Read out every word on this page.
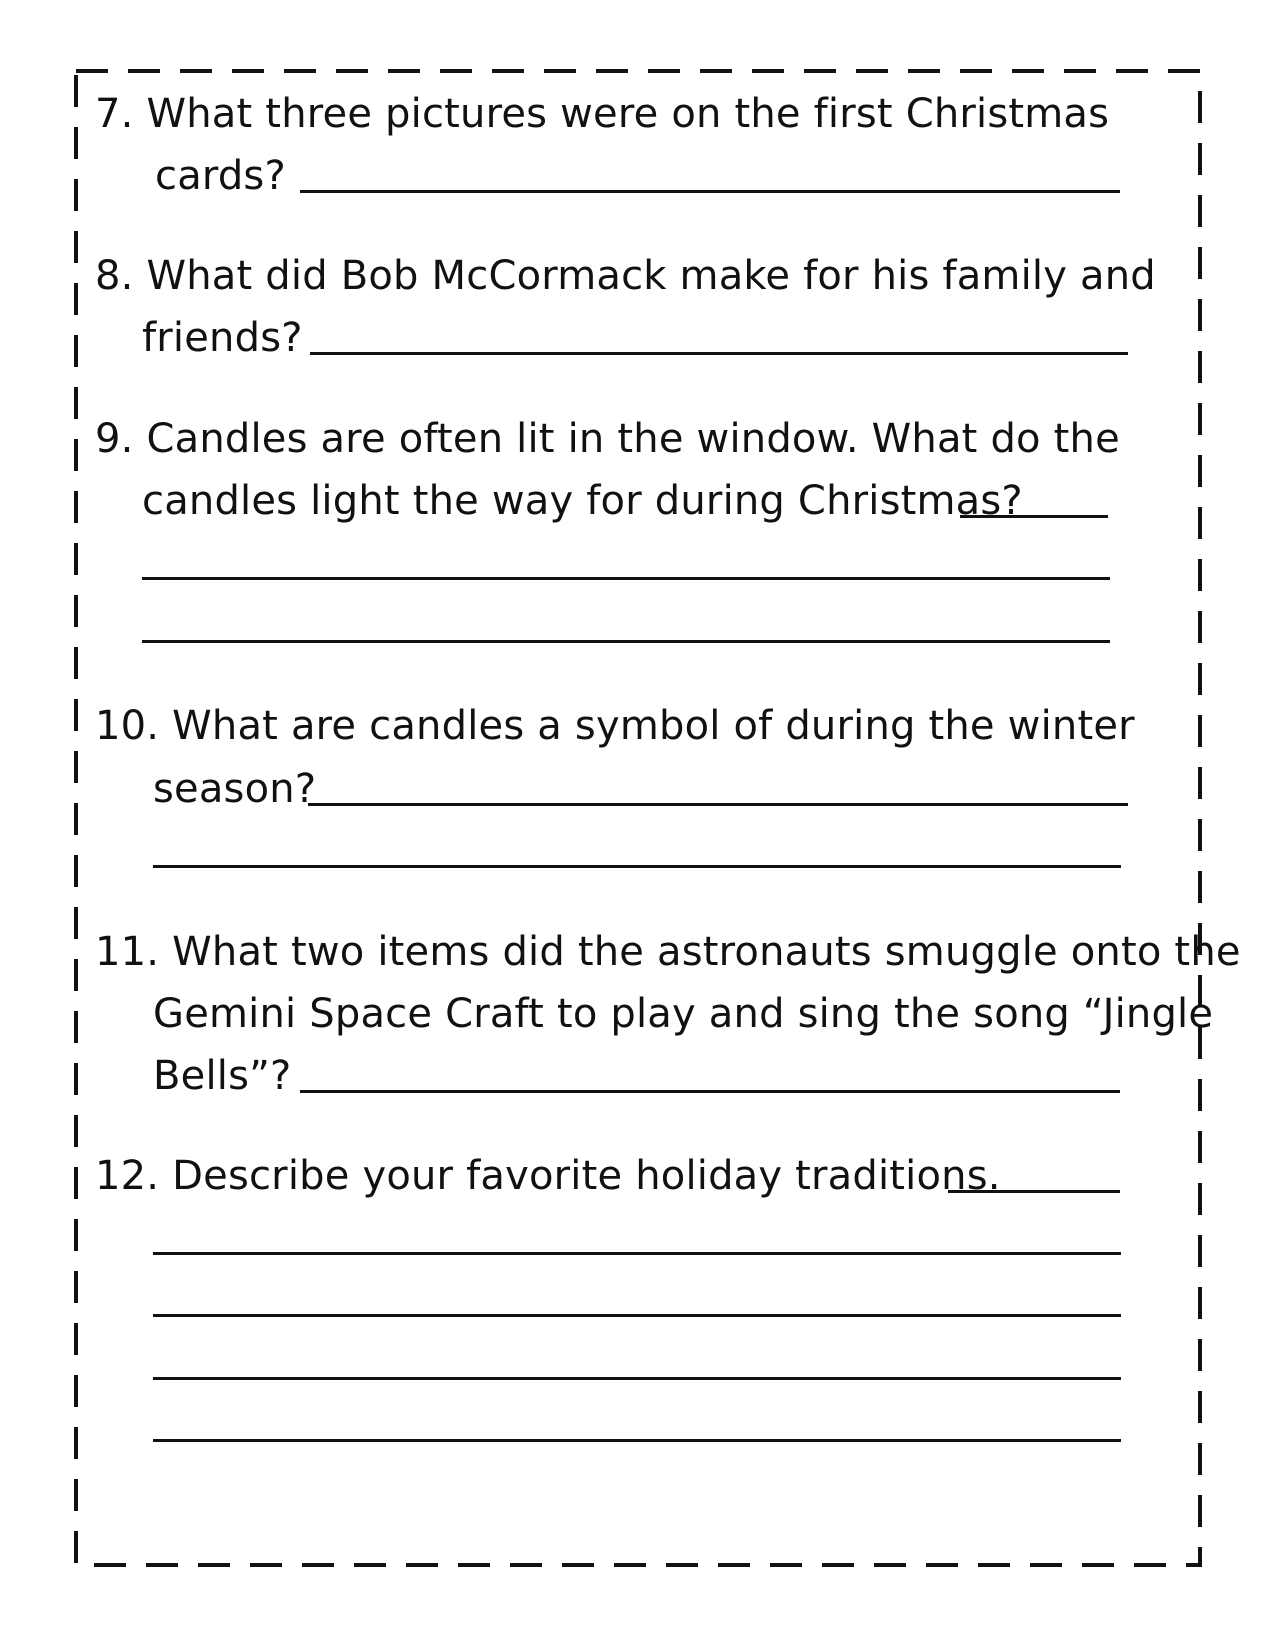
7. What three pictures were on the first Christmas
cards?
8. What did Bob McCormack make for his family and
friends?
9. Candles are often lit in the window. What do the
candles light the way for during Christmas?
10. What are candles a symbol of during the winter
season?
11. What two items did the astronauts smuggle onto the
Gemini Space Craft to play and sing the song “Jingle
Bells”?
12. Describe your favorite holiday traditions.
